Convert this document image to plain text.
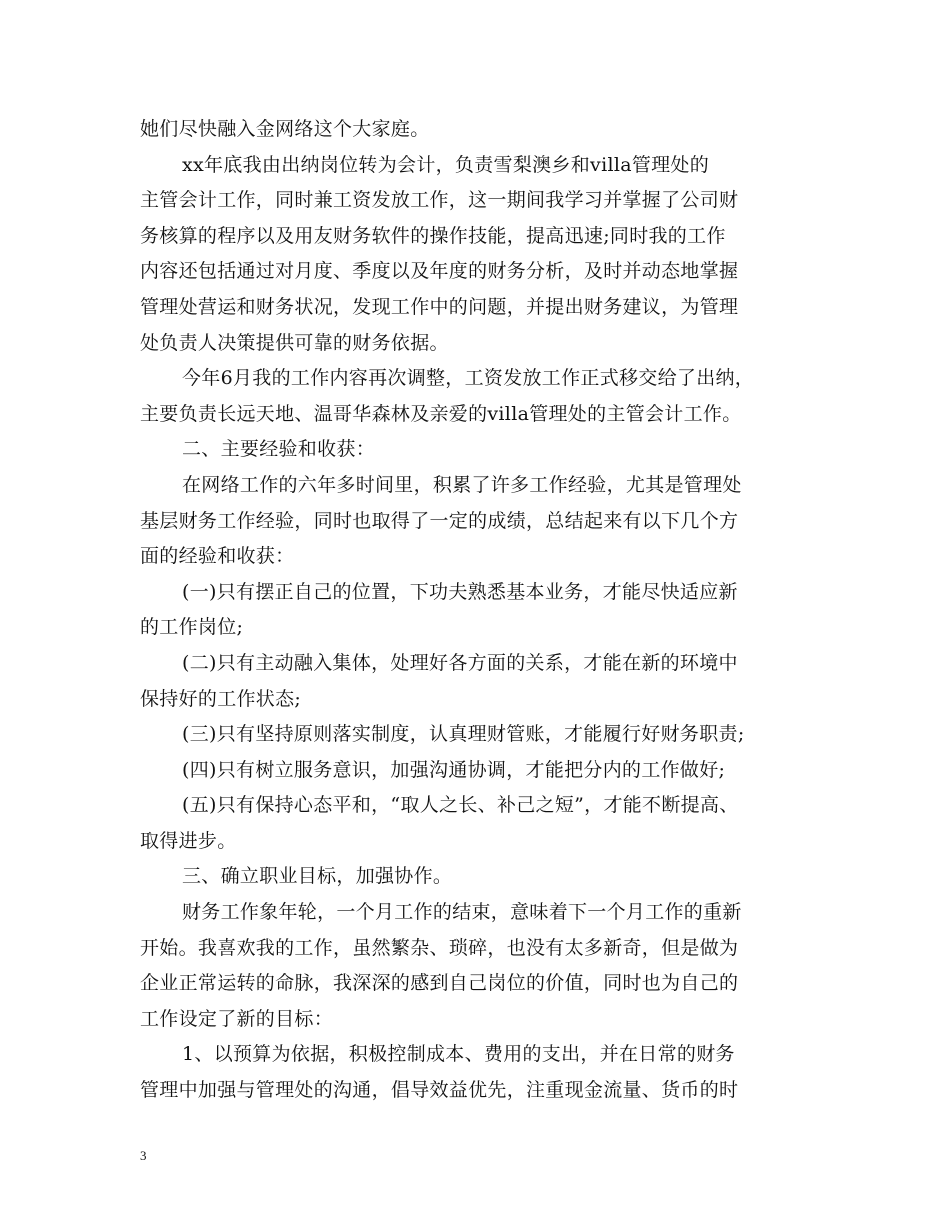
她们尽快融入金网络这个大家庭。
xx年底我由出纳岗位转为会计，负责雪梨澳乡和villa管理处的
主管会计工作，同时兼工资发放工作，这一期间我学习并掌握了公司财
务核算的程序以及用友财务软件的操作技能，提高迅速;同时我的工作
内容还包括通过对月度、季度以及年度的财务分析，及时并动态地掌握
管理处营运和财务状况，发现工作中的问题，并提出财务建议，为管理
处负责人决策提供可靠的财务依据。
今年6月我的工作内容再次调整，工资发放工作正式移交给了出纳，
主要负责长远天地、温哥华森林及亲爱的villa管理处的主管会计工作。
二、主要经验和收获：
在网络工作的六年多时间里，积累了许多工作经验，尤其是管理处
基层财务工作经验，同时也取得了一定的成绩，总结起来有以下几个方
面的经验和收获：
(一)只有摆正自己的位置，下功夫熟悉基本业务，才能尽快适应新
的工作岗位;
(二)只有主动融入集体，处理好各方面的关系，才能在新的环境中
保持好的工作状态;
(三)只有坚持原则落实制度，认真理财管账，才能履行好财务职责;
(四)只有树立服务意识，加强沟通协调，才能把分内的工作做好;
(五)只有保持心态平和，“取人之长、补己之短”，才能不断提高、
取得进步。
三、确立职业目标，加强协作。
财务工作象年轮，一个月工作的结束，意味着下一个月工作的重新
开始。我喜欢我的工作，虽然繁杂、琐碎，也没有太多新奇，但是做为
企业正常运转的命脉，我深深的感到自己岗位的价值，同时也为自己的
工作设定了新的目标：
1、以预算为依据，积极控制成本、费用的支出，并在日常的财务
管理中加强与管理处的沟通，倡导效益优先，注重现金流量、货币的时
3
